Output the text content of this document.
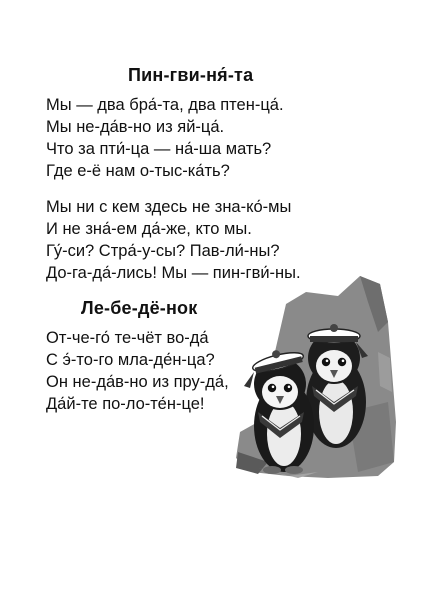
Пин-гви-ня́-та
Мы — два бра́-та, два птен-ца́.
Мы не-да́в-но из яй-ца́.
Что за пти́-ца — на́-ша мать?
Где е-ё нам о-тыс-ка́ть?
Мы ни с кем здесь не зна-ко́-мы
И не зна́-ем да́-же, кто мы.
Гу́-си? Стра́-у-сы? Пав-ли́-ны?
До-га-да́-лись! Мы — пин-гви́-ны.
Ле-бе-дё-нок
От-че-го́ те-чёт во-да́
С э́-то-го мла-де́н-ца?
Он не-да́в-но из пру-да́,
Да́й-те по-ло-те́н-це!
